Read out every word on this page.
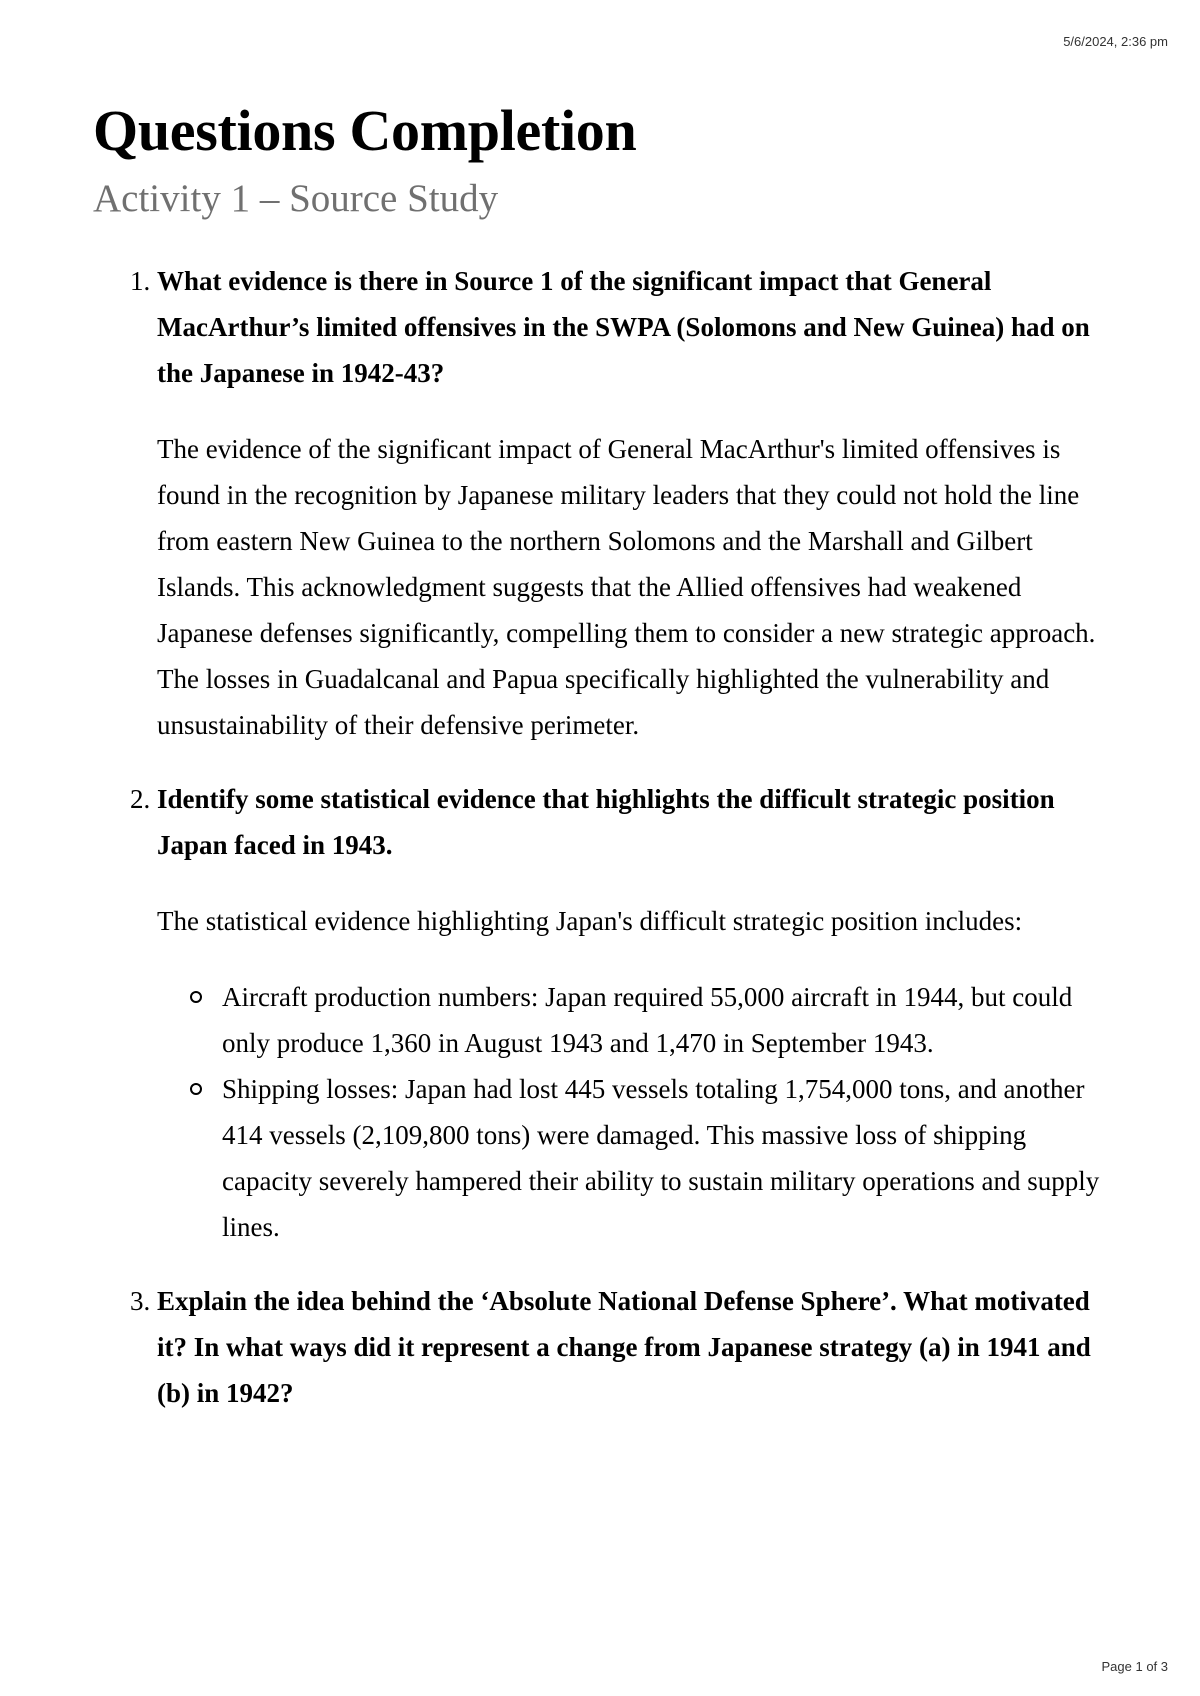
5/6/2024, 2:36 pm
Questions Completion
Activity 1 – Source Study

1. What evidence is there in Source 1 of the significant impact that General MacArthur’s limited offensives in the SWPA (Solomons and New Guinea) had on the Japanese in 1942-43?

The evidence of the significant impact of General MacArthur's limited offensives is found in the recognition by Japanese military leaders that they could not hold the line from eastern New Guinea to the northern Solomons and the Marshall and Gilbert Islands. This acknowledgment suggests that the Allied offensives had weakened Japanese defenses significantly, compelling them to consider a new strategic approach. The losses in Guadalcanal and Papua specifically highlighted the vulnerability and unsustainability of their defensive perimeter.

2. Identify some statistical evidence that highlights the difficult strategic position Japan faced in 1943.

The statistical evidence highlighting Japan's difficult strategic position includes:

Aircraft production numbers: Japan required 55,000 aircraft in 1944, but could only produce 1,360 in August 1943 and 1,470 in September 1943.
Shipping losses: Japan had lost 445 vessels totaling 1,754,000 tons, and another 414 vessels (2,109,800 tons) were damaged. This massive loss of shipping capacity severely hampered their ability to sustain military operations and supply lines.

3. Explain the idea behind the ‘Absolute National Defense Sphere’. What motivated it? In what ways did it represent a change from Japanese strategy (a) in 1941 and (b) in 1942?

Page 1 of 3
